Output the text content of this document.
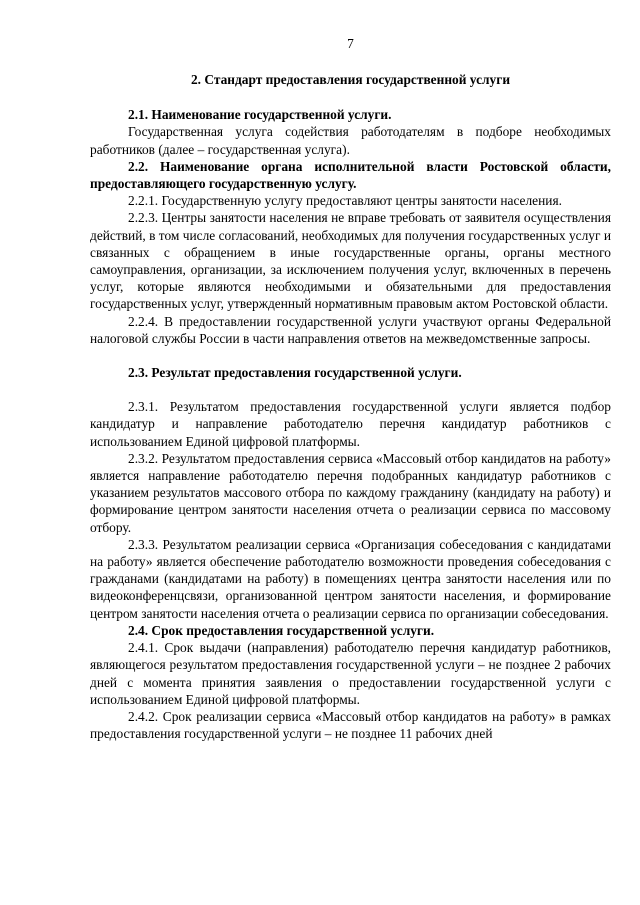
7

2. Стандарт предоставления государственной услуги

2.1. Наименование государственной услуги.

Государственная услуга содействия работодателям в подборе необходимых работников (далее – государственная услуга).

2.2. Наименование органа исполнительной власти Ростовской области, предоставляющего государственную услугу.

2.2.1. Государственную услугу предоставляют центры занятости населения.

2.2.3. Центры занятости населения не вправе требовать от заявителя осуществления действий, в том числе согласований, необходимых для получения государственных услуг и связанных с обращением в иные государственные органы, органы местного самоуправления, организации, за исключением получения услуг, включенных в перечень услуг, которые являются необходимыми и обязательными для предоставления государственных услуг, утвержденный нормативным правовым актом Ростовской области.

2.2.4. В предоставлении государственной услуги участвуют органы Федеральной налоговой службы России в части направления ответов на межведомственные запросы.

2.3. Результат предоставления государственной услуги.

2.3.1. Результатом предоставления государственной услуги является подбор кандидатур и направление работодателю перечня кандидатур работников с использованием Единой цифровой платформы.

2.3.2. Результатом предоставления сервиса «Массовый отбор кандидатов на работу» является направление работодателю перечня подобранных кандидатур работников с указанием результатов массового отбора по каждому гражданину (кандидату на работу) и формирование центром занятости населения отчета о реализации сервиса по массовому отбору.

2.3.3. Результатом реализации сервиса «Организация собеседования с кандидатами на работу» является обеспечение работодателю возможности проведения собеседования с гражданами (кандидатами на работу) в помещениях центра занятости населения или по видеоконференцсвязи, организованной центром занятости населения, и формирование центром занятости населения отчета о реализации сервиса по организации собеседования.

2.4. Срок предоставления государственной услуги.

2.4.1. Срок выдачи (направления) работодателю перечня кандидатур работников, являющегося результатом предоставления государственной услуги – не позднее 2 рабочих дней с момента принятия заявления о предоставлении государственной услуги с использованием Единой цифровой платформы.

2.4.2. Срок реализации сервиса «Массовый отбор кандидатов на работу» в рамках предоставления государственной услуги – не позднее 11 рабочих дней
